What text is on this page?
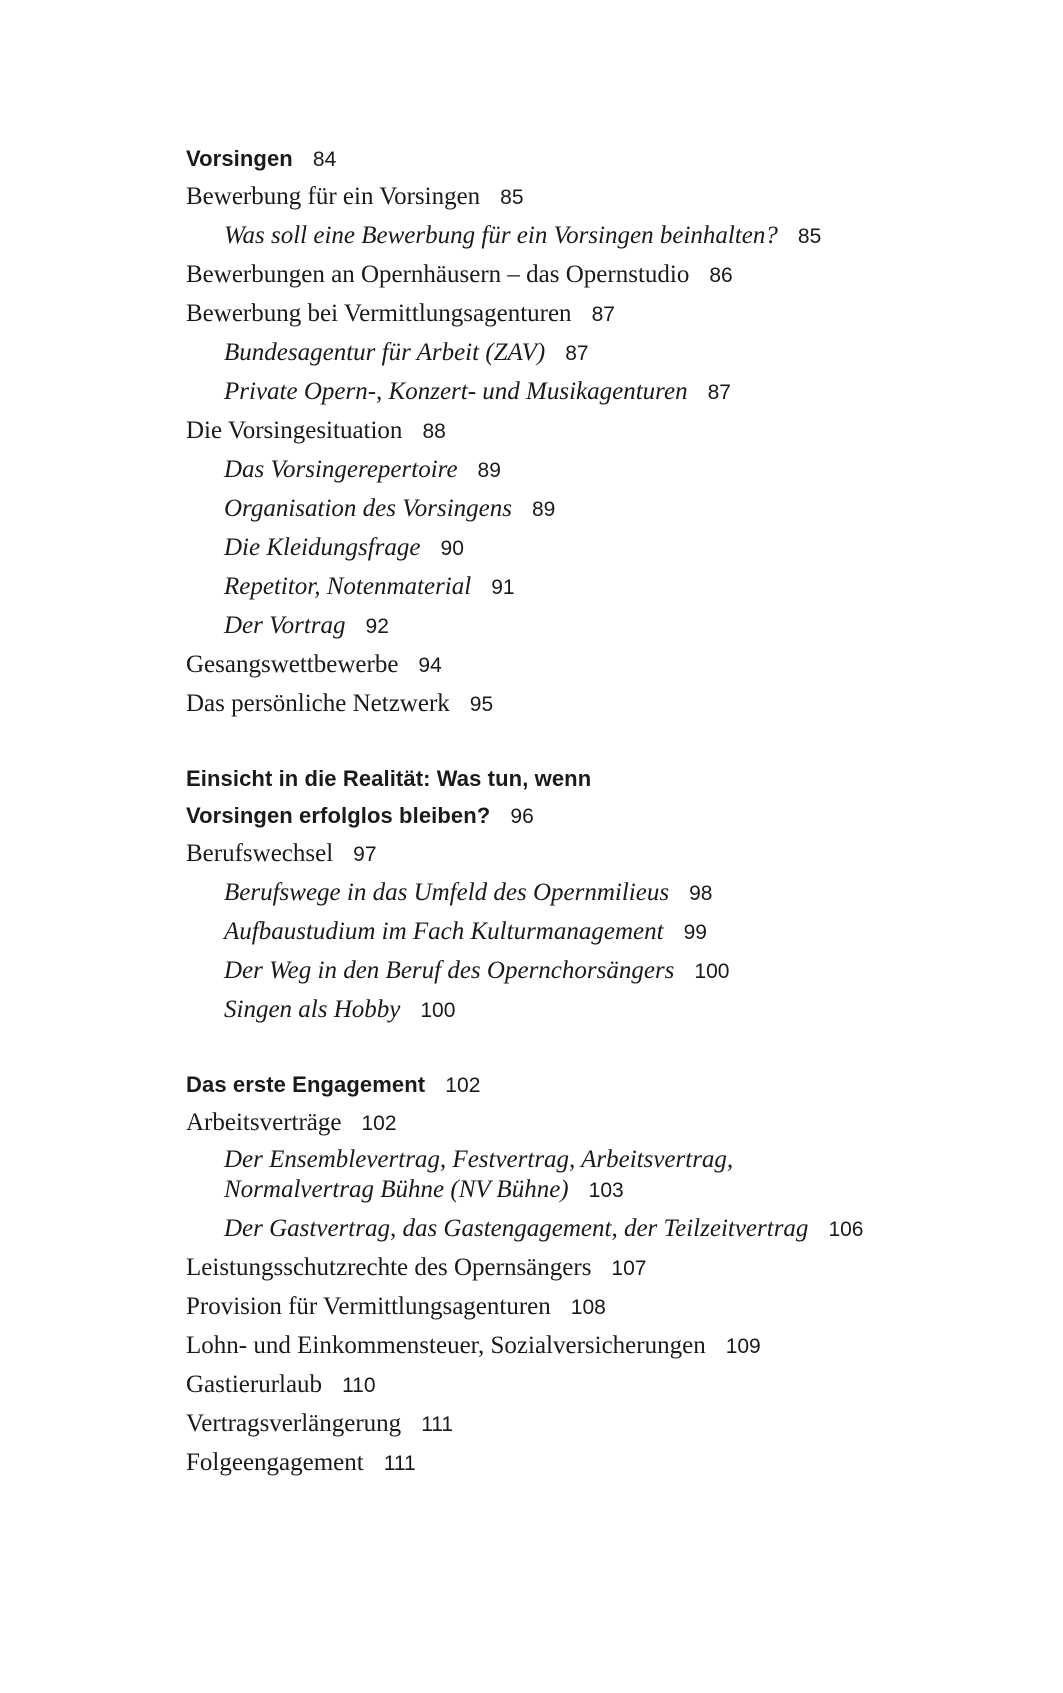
Vorsingen 84
Bewerbung für ein Vorsingen 85
Was soll eine Bewerbung für ein Vorsingen beinhalten? 85
Bewerbungen an Opernhäusern – das Opernstudio 86
Bewerbung bei Vermittlungsagenturen 87
Bundesagentur für Arbeit (ZAV) 87
Private Opern-, Konzert- und Musikagenturen 87
Die Vorsingesituation 88
Das Vorsingerepertoire 89
Organisation des Vorsingens 89
Die Kleidungsfrage 90
Repetitor, Notenmaterial 91
Der Vortrag 92
Gesangswettbewerbe 94
Das persönliche Netzwerk 95
Einsicht in die Realität: Was tun, wenn
Vorsingen erfolglos bleiben? 96
Berufswechsel 97
Berufswege in das Umfeld des Opernmilieus 98
Aufbaustudium im Fach Kulturmanagement 99
Der Weg in den Beruf des Opernchorsängers 100
Singen als Hobby 100
Das erste Engagement 102
Arbeitsverträge 102
Der Ensemblevertrag, Festvertrag, Arbeitsvertrag,
Normalvertrag Bühne (NV Bühne) 103
Der Gastvertrag, das Gastengagement, der Teilzeitvertrag 106
Leistungsschutzrechte des Opernsängers 107
Provision für Vermittlungsagenturen 108
Lohn- und Einkommensteuer, Sozialversicherungen 109
Gastierurlaub 110
Vertragsverlängerung 111
Folgeengagement 111
